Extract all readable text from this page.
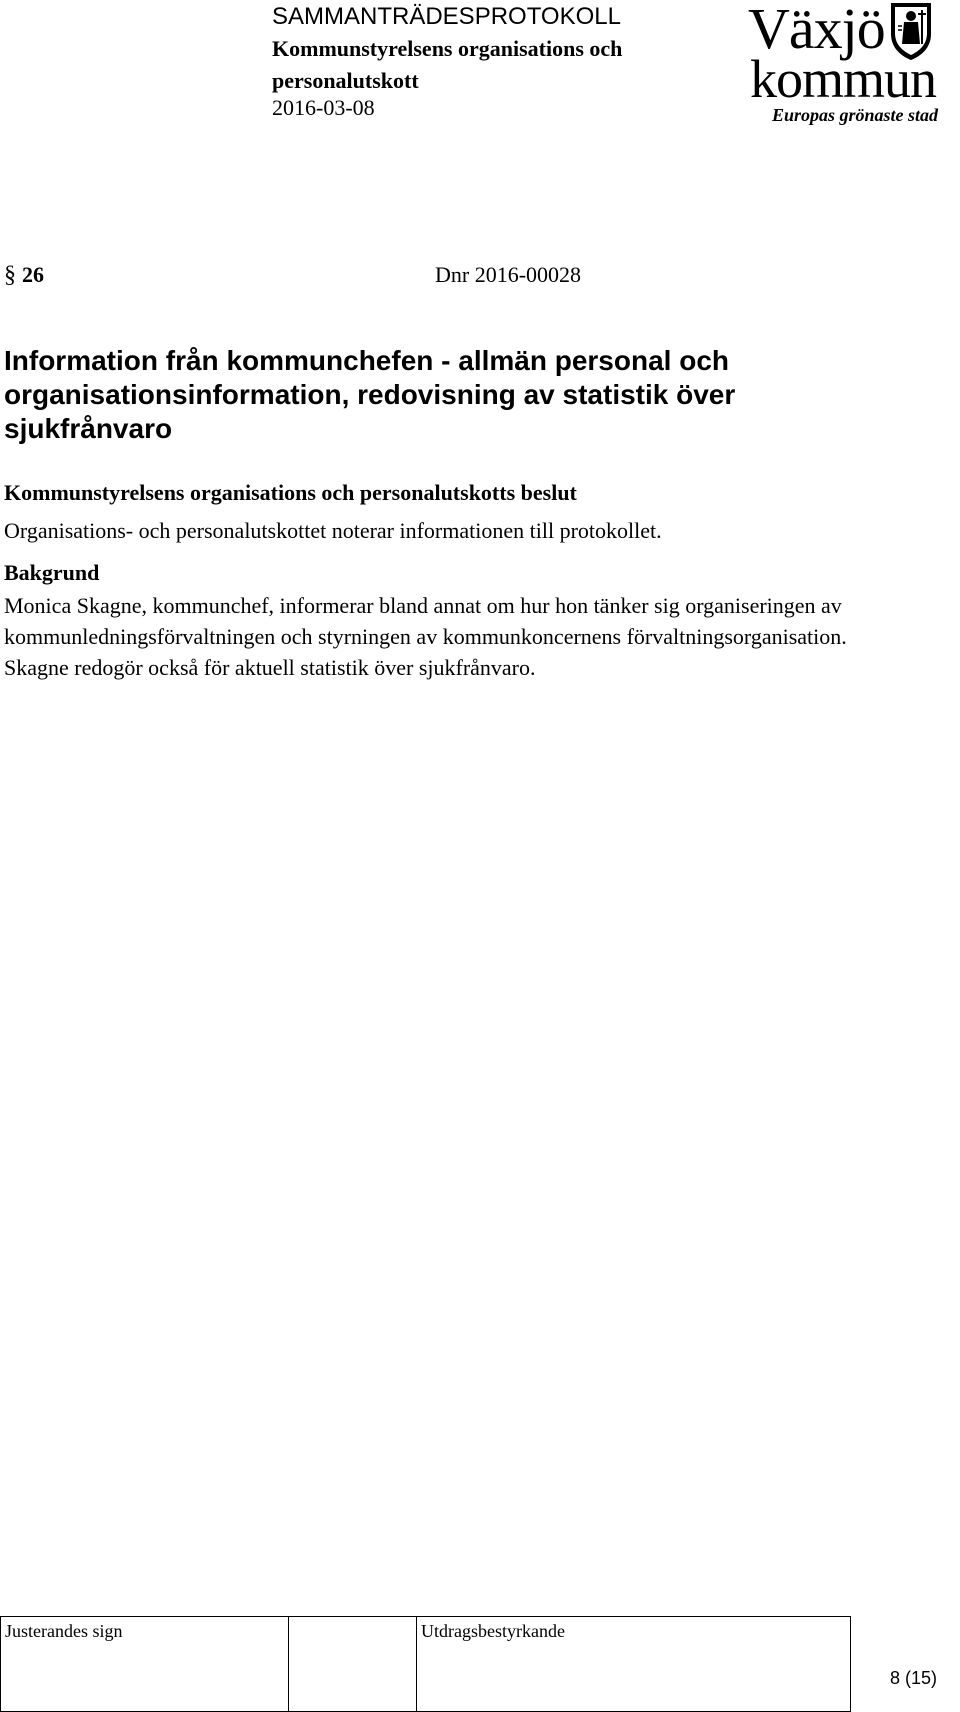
SAMMANTRÄDESPROTOKOLL
Kommunstyrelsens organisations och personalutskott
2016-03-08
Växjö
kommun
Europas grönaste stad
§ 26	Dnr 2016-00028
Information från kommunchefen - allmän personal och organisationsinformation, redovisning av statistik över sjukfrånvaro
Kommunstyrelsens organisations och personalutskotts beslut

Organisations- och personalutskottet noterar informationen till protokollet.

Bakgrund

Monica Skagne, kommunchef, informerar bland annat om hur hon tänker sig organiseringen av kommunledningsförvaltningen och styrningen av kommunkoncernens förvaltningsorganisation. Skagne redogör också för aktuell statistik över sjukfrånvaro.

Justerandes sign		Utdragsbestyrkande
8 (15)
